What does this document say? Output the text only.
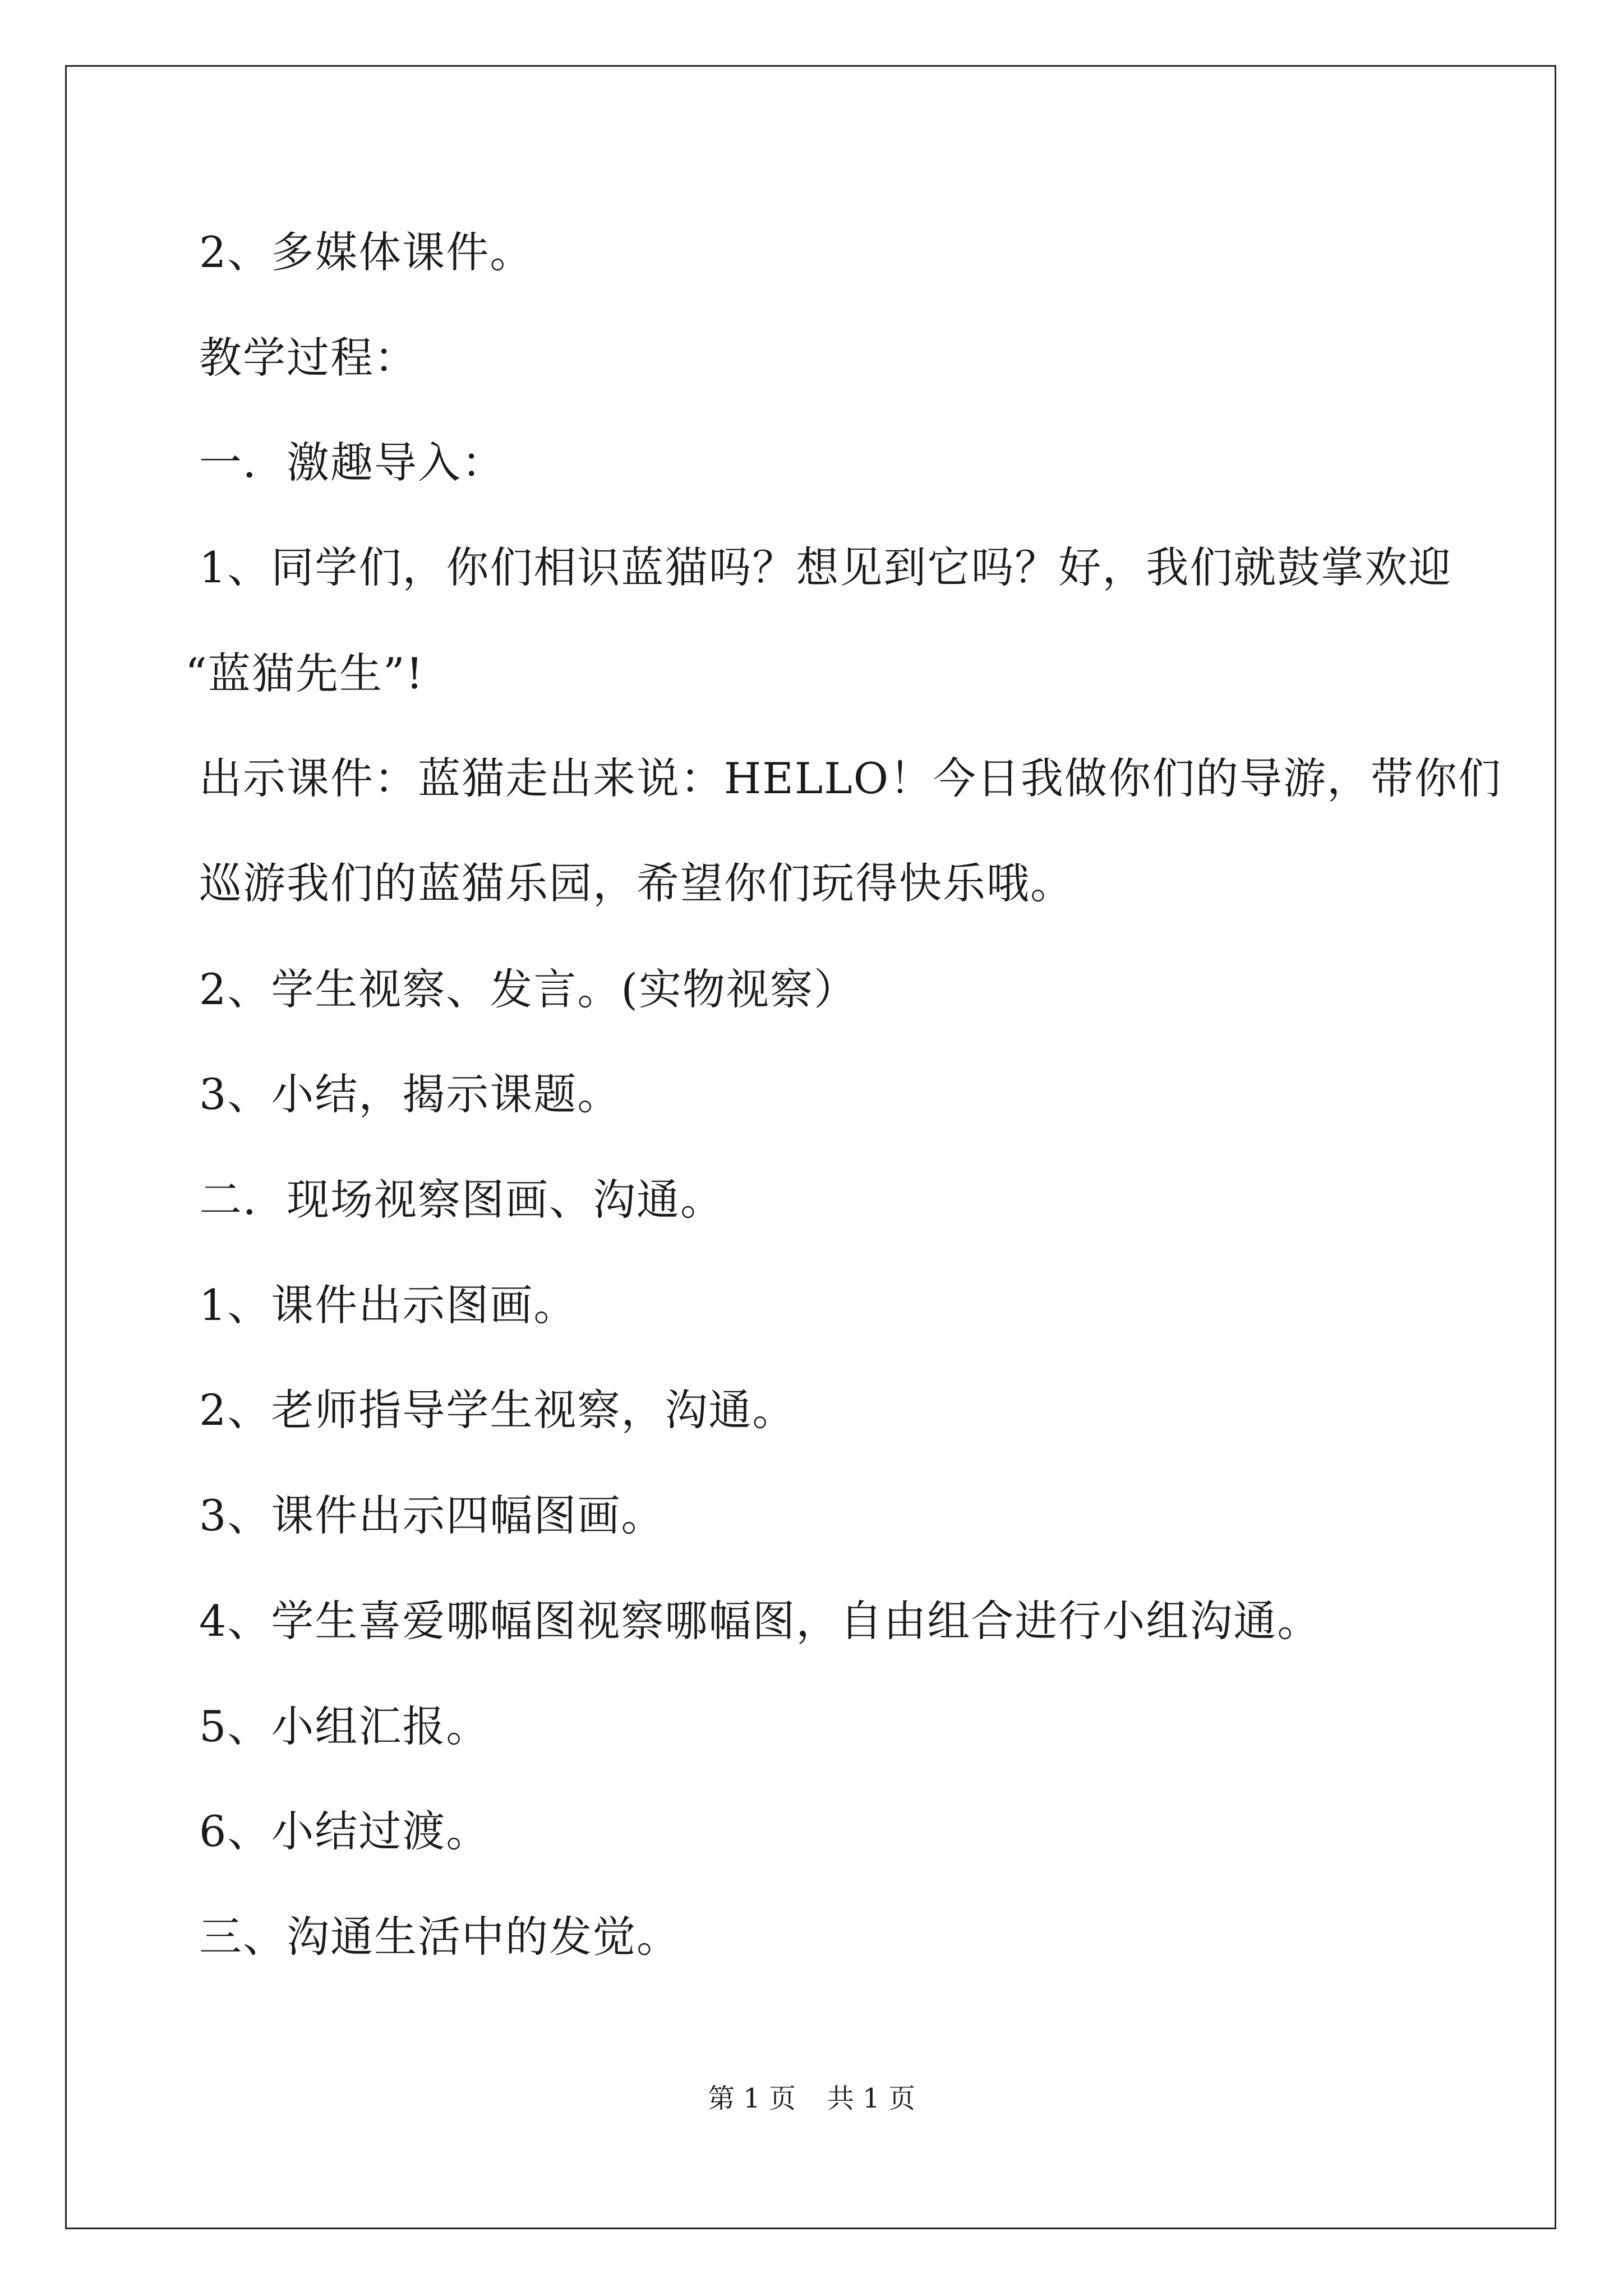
2、多媒体课件。
教学过程：
一．激趣导入：
1、同学们，你们相识蓝猫吗？想见到它吗？好，我们就鼓掌欢迎
“蓝猫先生”!
出示课件：蓝猫走出来说：HELLO！今日我做你们的导游，带你们
巡游我们的蓝猫乐园，希望你们玩得快乐哦。
2、学生视察、发言。(实物视察）
3、小结，揭示课题。
二．现场视察图画、沟通。
1、课件出示图画。
2、老师指导学生视察，沟通。
3、课件出示四幅图画。
4、学生喜爱哪幅图视察哪幅图，自由组合进行小组沟通。
5、小组汇报。
6、小结过渡。
三、沟通生活中的发觉。
第 1 页 共 1 页
